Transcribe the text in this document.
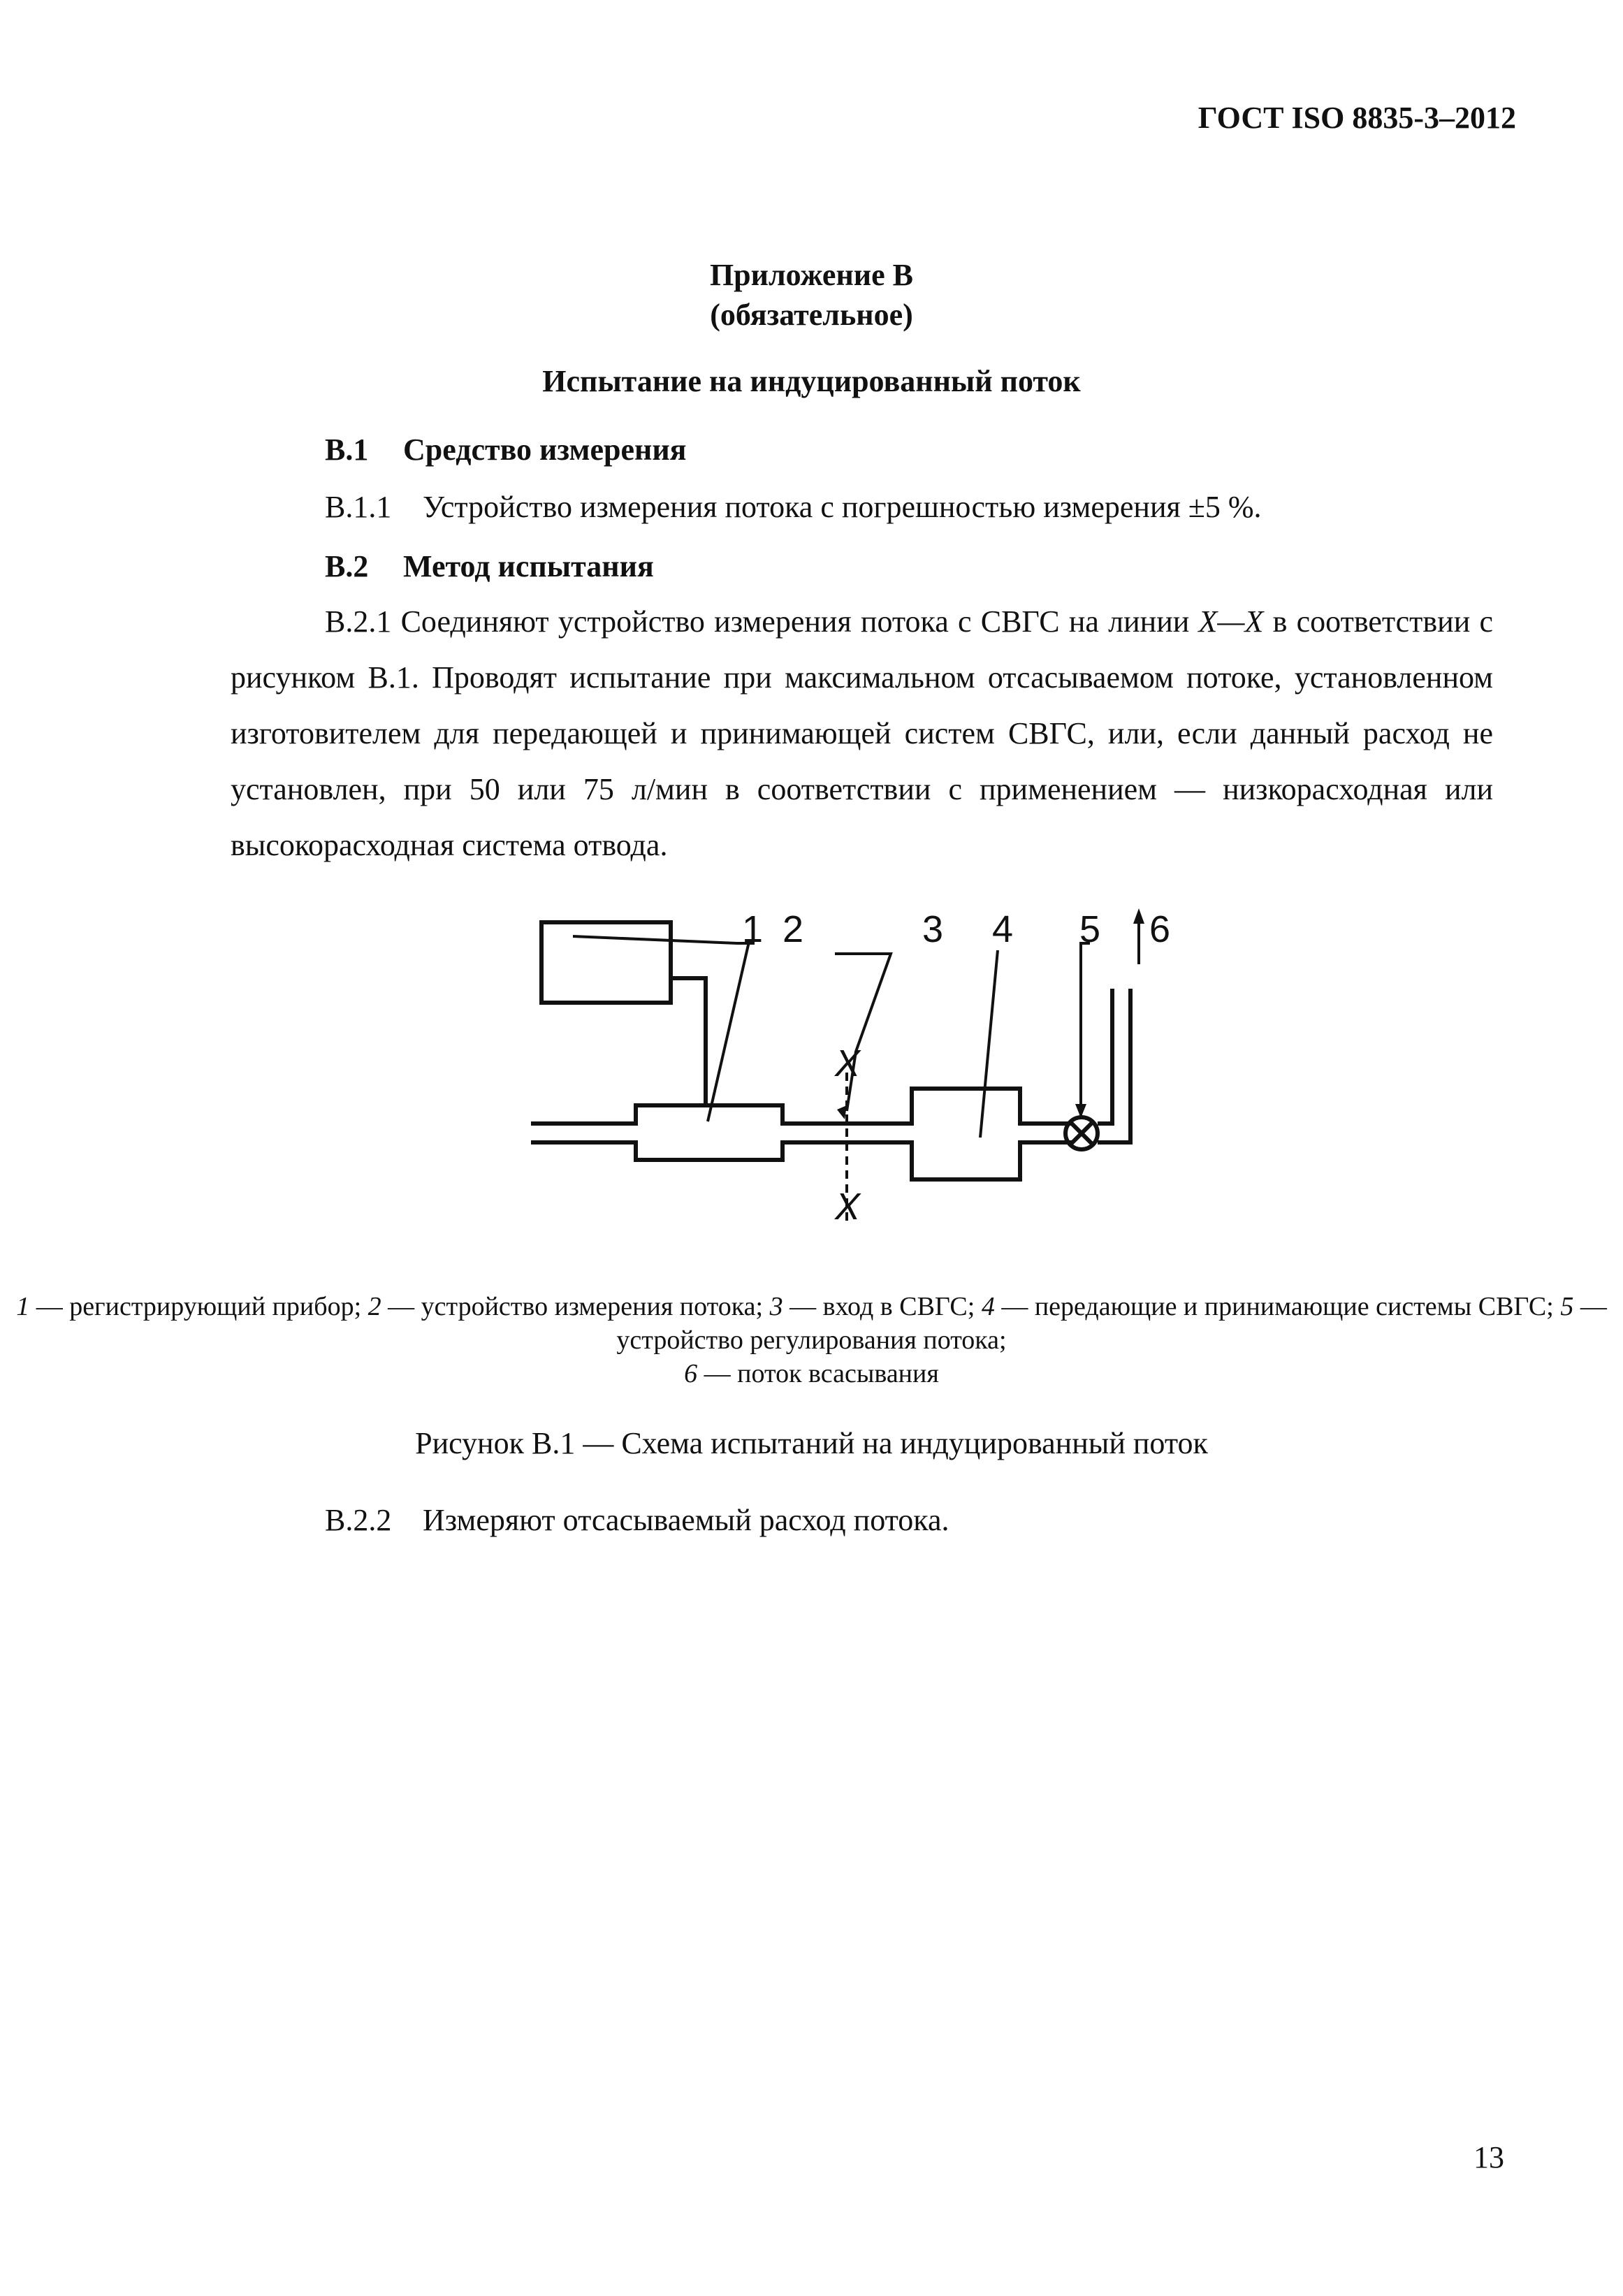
ГОСТ ISO 8835-3–2012
Приложение В
(обязательное)
Испытание на индуцированный поток
В.1 Средство измерения
В.1.1 Устройство измерения потока с погрешностью измерения ±5 %.
В.2 Метод испытания
В.2.1 Соединяют устройство измерения потока с СВГС на линии X—X в соответствии с рисунком В.1. Проводят испытание при максимальном отсасываемом потоке, установленном изготовителем для передающей и принимающей систем СВГС, или, если данный расход не установлен, при 50 или 75 л/мин в соответствии с применением — низкорасходная или высокорасходная система отвода.
1 2	3 4 5 6
X
X
1 — регистрирующий прибор; 2 — устройство измерения потока; 3 — вход в СВГС; 4 — передающие и принимающие системы СВГС; 5 — устройство регулирования потока;
6 — поток всасывания
Рисунок В.1 — Схема испытаний на индуцированный поток
В.2.2 Измеряют отсасываемый расход потока.
13
